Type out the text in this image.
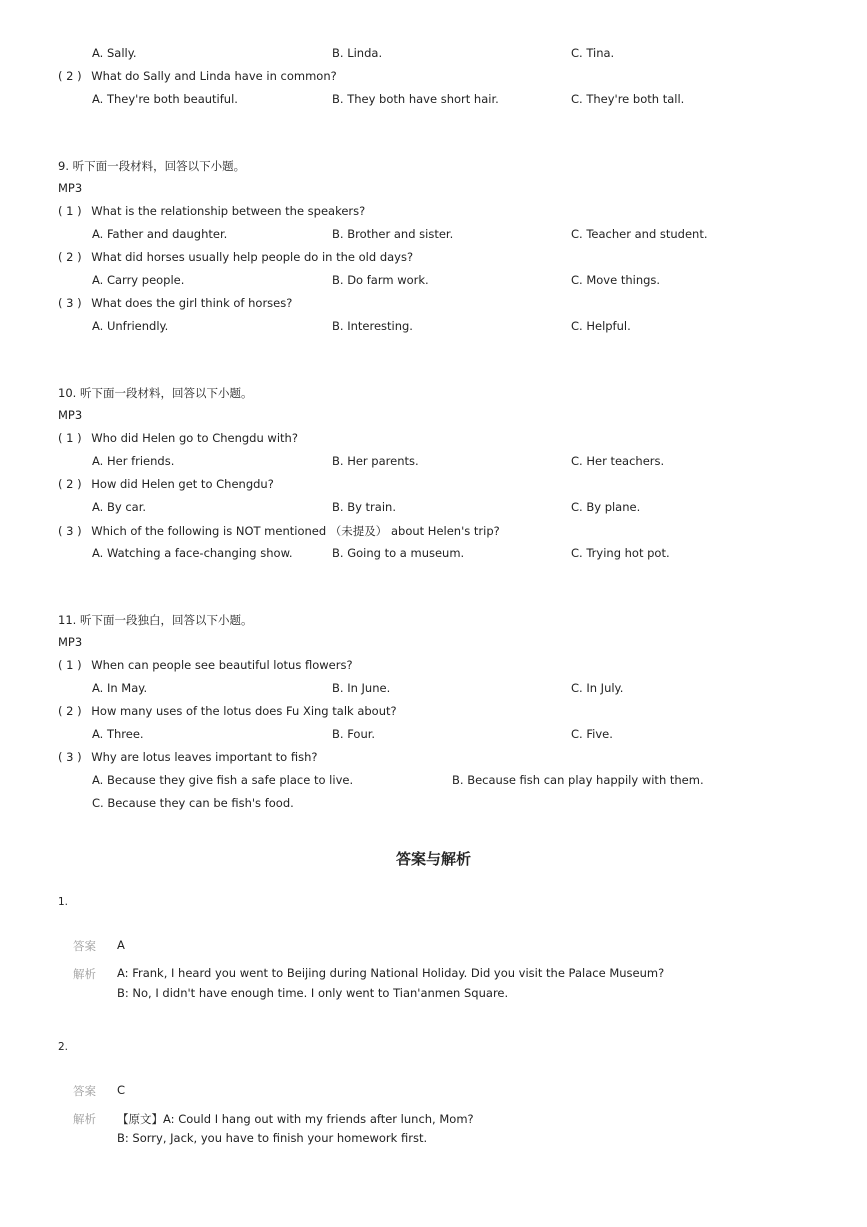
A. Sally.	B. Linda.	C. Tina.
( 2 ) What do Sally and Linda have in common?
A. They're both beautiful.	B. They both have short hair.	C. They're both tall.
9. 听下面一段材料，回答以下小题。
MP3
( 1 ) What is the relationship between the speakers?
A. Father and daughter.	B. Brother and sister.	C. Teacher and student.
( 2 ) What did horses usually help people do in the old days?
A. Carry people.	B. Do farm work.	C. Move things.
( 3 ) What does the girl think of horses?
A. Unfriendly.	B. Interesting.	C. Helpful.
10. 听下面一段材料，回答以下小题。
MP3
( 1 ) Who did Helen go to Chengdu with?
A. Her friends.	B. Her parents.	C. Her teachers.
( 2 ) How did Helen get to Chengdu?
A. By car.	B. By train.	C. By plane.
( 3 ) Which of the following is NOT mentioned （未提及） about Helen's trip?
A. Watching a face-changing show.	B. Going to a museum.	C. Trying hot pot.
11. 听下面一段独白，回答以下小题。
MP3
( 1 ) When can people see beautiful lotus flowers?
A. In May.	B. In June.	C. In July.
( 2 ) How many uses of the lotus does Fu Xing talk about?
A. Three.	B. Four.	C. Five.
( 3 ) Why are lotus leaves important to fish?
A. Because they give fish a safe place to live.	B. Because fish can play happily with them.
C. Because they can be fish's food.
答案与解析
1.
答案 A
解析 A: Frank, I heard you went to Beijing during National Holiday. Did you visit the Palace Museum?
B: No, I didn't have enough time. I only went to Tian'anmen Square.
2.
答案 C
解析 【原文】A: Could I hang out with my friends after lunch, Mom?
B: Sorry, Jack, you have to finish your homework first.
